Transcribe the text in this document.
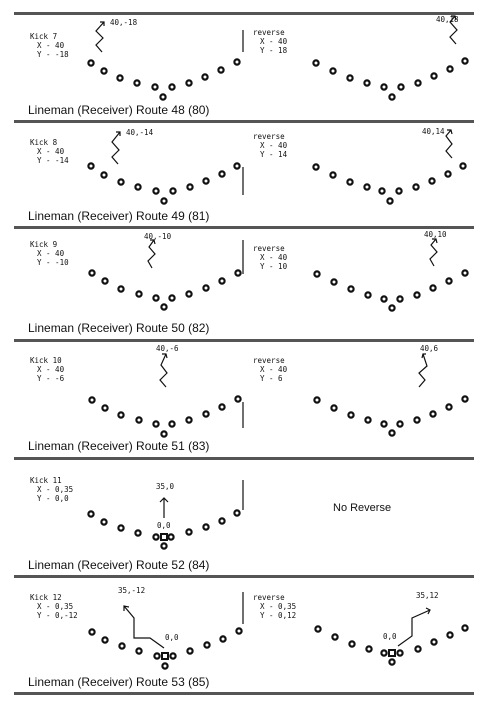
Kick 7
X - 40
Y - -18
40,-18
reverse
X - 40
Y - 18
40,18
Lineman (Receiver) Route 48 (80)
Kick 8
X - 40
Y - -14
40,-14	reverse
X - 40
Y - 14
40,14
Lineman (Receiver) Route 49 (81)
Kick 9
X - 40
Y - -10
40,-10
reverse
X - 40
Y - 10
40,10
Lineman (Receiver) Route 50 (82)
Kick 10
X - 40
Y - -6
40,-6
reverse
X - 40
Y - 6
40,6
Lineman (Receiver) Route 51 (83)
Kick 11
X - 0,35
Y - 0,0
35,0
0,0
No Reverse
Lineman (Receiver) Route 52 (84)
Kick 12
X - 0,35
Y - 0,-12
35,-12
0,0
reverse
X - 0,35
Y - 0,12
35,12
0,0
Lineman (Receiver) Route 53 (85)
